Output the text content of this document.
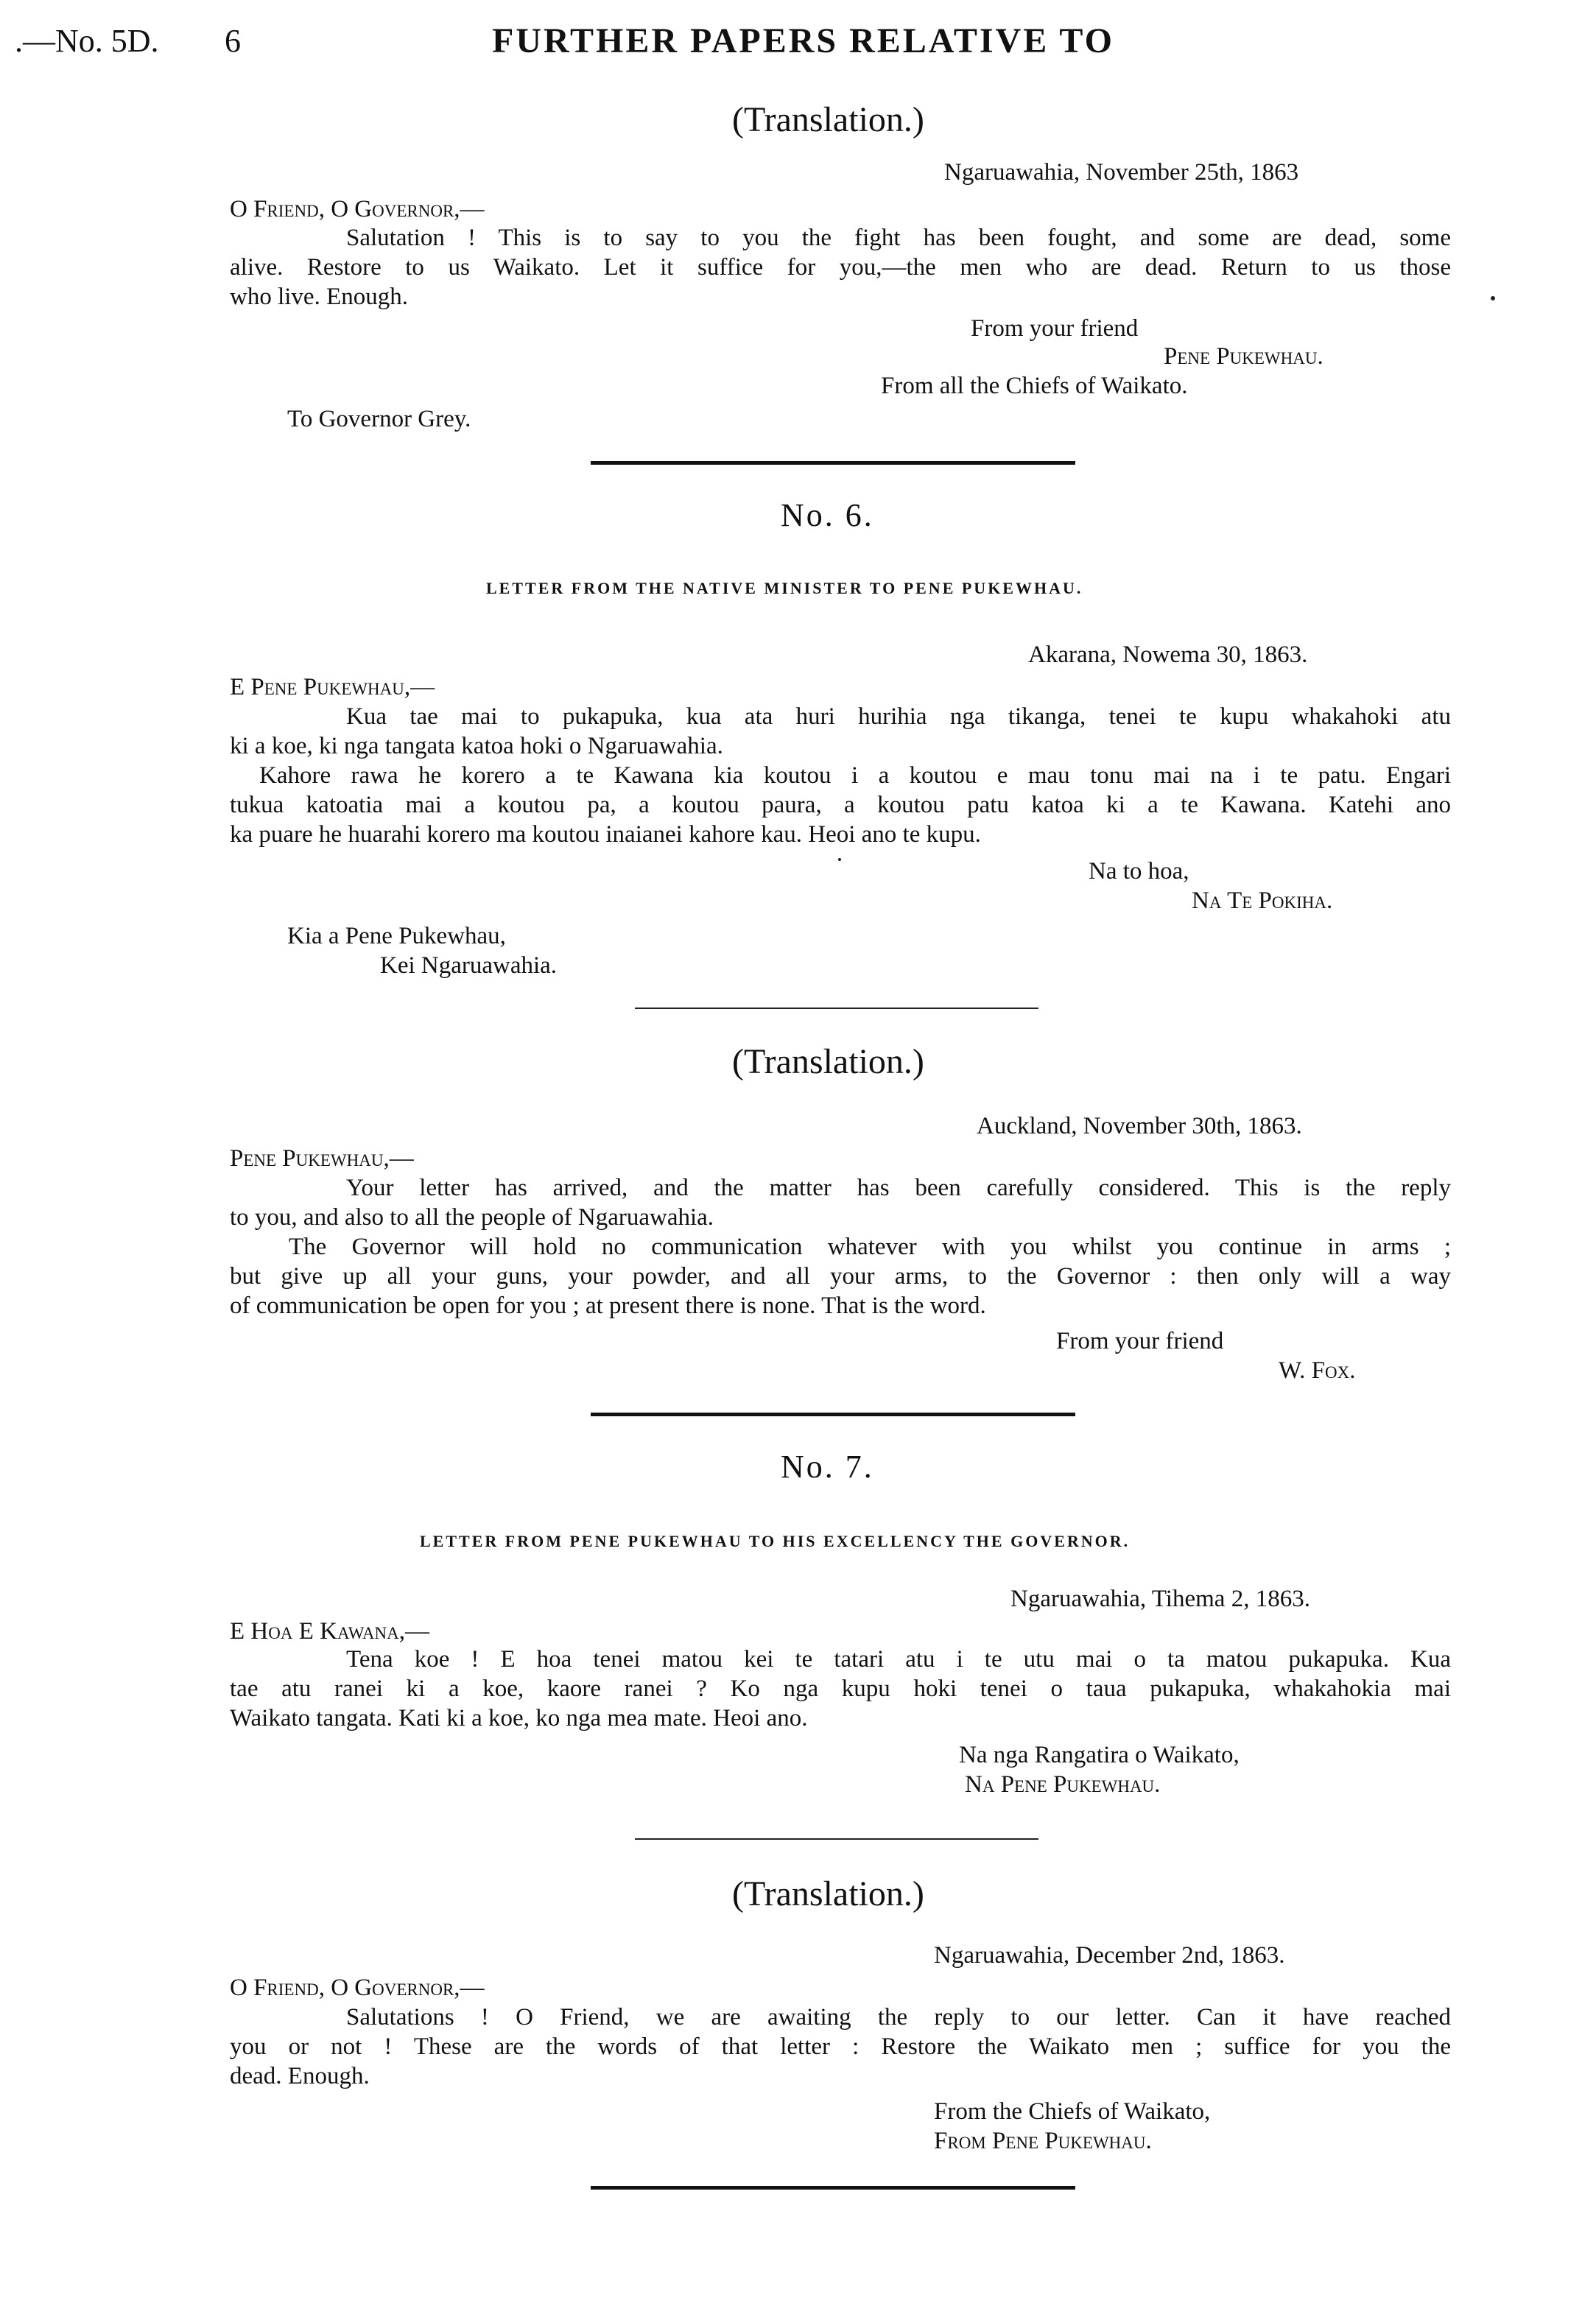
.—No. 5D. 6	FURTHER PAPERS RELATIVE TO
(Translation.)
Ngaruawahia, November 25th, 1863
O Friend, O Governor,—
Salutation ! This is to say to you the fight has been fought, and some are dead, some
alive. Restore to us Waikato. Let it suffice for you,—the men who are dead. Return to us those
who live. Enough.
From your friend
Pene Pukewhau.
From all the Chiefs of Waikato.
To Governor Grey.
No. 6.
LETTER FROM THE NATIVE MINISTER TO PENE PUKEWHAU.
Akarana, Nowema 30, 1863.
E Pene Pukewhau,—
Kua tae mai to pukapuka, kua ata huri hurihia nga tikanga, tenei te kupu whakahoki atu
ki a koe, ki nga tangata katoa hoki o Ngaruawahia.
Kahore rawa he korero a te Kawana kia koutou i a koutou e mau tonu mai na i te patu. Engari
tukua katoatia mai a koutou pa, a koutou paura, a koutou patu katoa ki a te Kawana. Katehi ano
ka puare he huarahi korero ma koutou inaianei kahore kau. Heoi ano te kupu.
Na to hoa,
Na Te Pokiha.
Kia a Pene Pukewhau,
Kei Ngaruawahia.
(Translation.)
Auckland, November 30th, 1863.
Pene Pukewhau,—
Your letter has arrived, and the matter has been carefully considered. This is the reply
to you, and also to all the people of Ngaruawahia.
The Governor will hold no communication whatever with you whilst you continue in arms ;
but give up all your guns, your powder, and all your arms, to the Governor : then only will a way
of communication be open for you ; at present there is none. That is the word.
From your friend
W. Fox.
No. 7.
LETTER FROM PENE PUKEWHAU TO HIS EXCELLENCY THE GOVERNOR.
Ngaruawahia, Tihema 2, 1863.
E Hoa E Kawana,—
Tena koe ! E hoa tenei matou kei te tatari atu i te utu mai o ta matou pukapuka. Kua
tae atu ranei ki a koe, kaore ranei ? Ko nga kupu hoki tenei o taua pukapuka, whakahokia mai
Waikato tangata. Kati ki a koe, ko nga mea mate. Heoi ano.
Na nga Rangatira o Waikato,
Na Pene Pukewhau.
(Translation.)
Ngaruawahia, December 2nd, 1863.
O Friend, O Governor,—
Salutations ! O Friend, we are awaiting the reply to our letter. Can it have reached
you or not ! These are the words of that letter : Restore the Waikato men ; suffice for you the
dead. Enough.
From the Chiefs of Waikato,
From Pene Pukewhau.
